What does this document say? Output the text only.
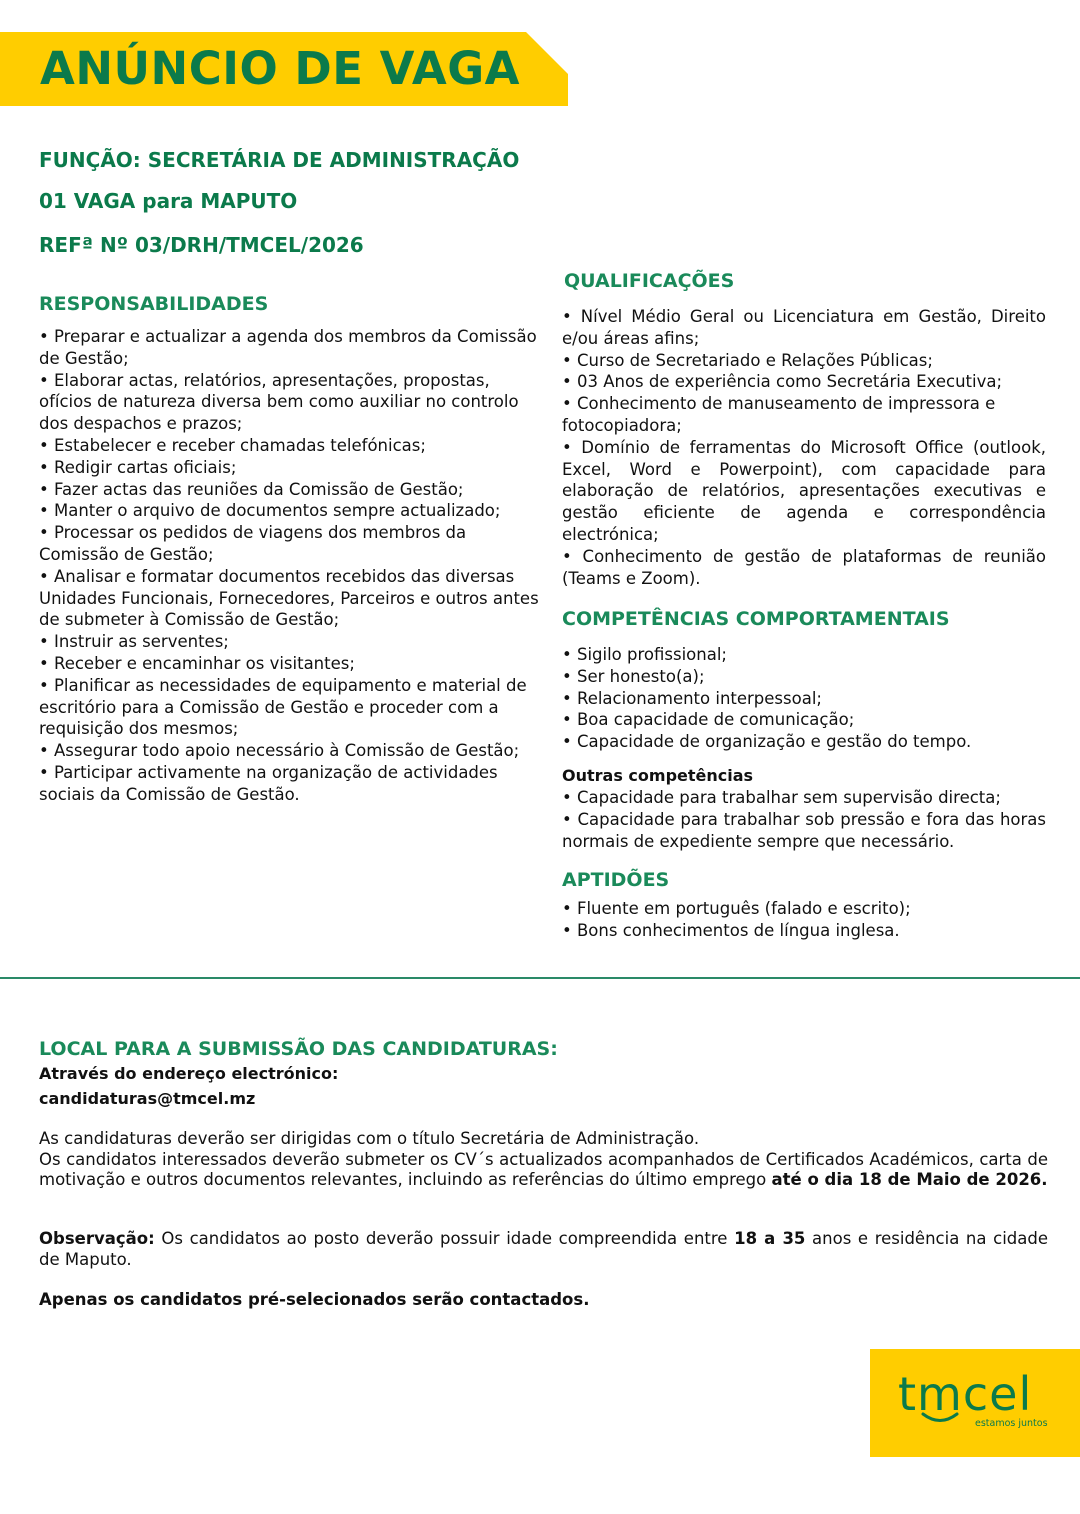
ANÚNCIO DE VAGA
FUNÇÃO: SECRETÁRIA DE ADMINISTRAÇÃO
01 VAGA para MAPUTO
REFª Nº 03/DRH/TMCEL/2026
RESPONSABILIDADES
• Preparar e actualizar a agenda dos membros da Comissão de Gestão;
• Elaborar actas, relatórios, apresentações, propostas, ofícios de natureza diversa bem como auxiliar no controlo dos despachos e prazos;
• Estabelecer e receber chamadas telefónicas;
• Redigir cartas oficiais;
• Fazer actas das reuniões da Comissão de Gestão;
• Manter o arquivo de documentos sempre actualizado;
• Processar os pedidos de viagens dos membros da Comissão de Gestão;
• Analisar e formatar documentos recebidos das diversas Unidades Funcionais, Fornecedores, Parceiros e outros antes de submeter à Comissão de Gestão;
• Instruir as serventes;
• Receber e encaminhar os visitantes;
• Planificar as necessidades de equipamento e material de escritório para a Comissão de Gestão e proceder com a requisição dos mesmos;
• Assegurar todo apoio necessário à Comissão de Gestão;
• Participar activamente na organização de actividades sociais da Comissão de Gestão.
QUALIFICAÇÕES
• Nível Médio Geral ou Licenciatura em Gestão, Direito e/ou áreas afins;
• Curso de Secretariado e Relações Públicas;
• 03 Anos de experiência como Secretária Executiva;
• Conhecimento de manuseamento de impressora e fotocopiadora;
• Domínio de ferramentas do Microsoft Office (outlook, Excel, Word e Powerpoint), com capacidade para elaboração de relatórios, apresentações executivas e gestão eficiente de agenda e correspondência electrónica;
• Conhecimento de gestão de plataformas de reunião (Teams e Zoom).
COMPETÊNCIAS COMPORTAMENTAIS
• Sigilo profissional;
• Ser honesto(a);
• Relacionamento interpessoal;
• Boa capacidade de comunicação;
• Capacidade de organização e gestão do tempo.
Outras competências
• Capacidade para trabalhar sem supervisão directa;
• Capacidade para trabalhar sob pressão e fora das horas normais de expediente sempre que necessário.
APTIDÕES
• Fluente em português (falado e escrito);
• Bons conhecimentos de língua inglesa.
LOCAL PARA A SUBMISSÃO DAS CANDIDATURAS:
Através do endereço electrónico:
candidaturas@tmcel.mz
As candidaturas deverão ser dirigidas com o título Secretária de Administração.
Os candidatos interessados deverão submeter os CV´s actualizados acompanhados de Certificados Académicos, carta de motivação e outros documentos relevantes, incluindo as referências do último emprego até o dia 18 de Maio de 2026.
Observação: Os candidatos ao posto deverão possuir idade compreendida entre 18 a 35 anos e residência na cidade de Maputo.
Apenas os candidatos pré-selecionados serão contactados.
tmcel
estamos juntos
